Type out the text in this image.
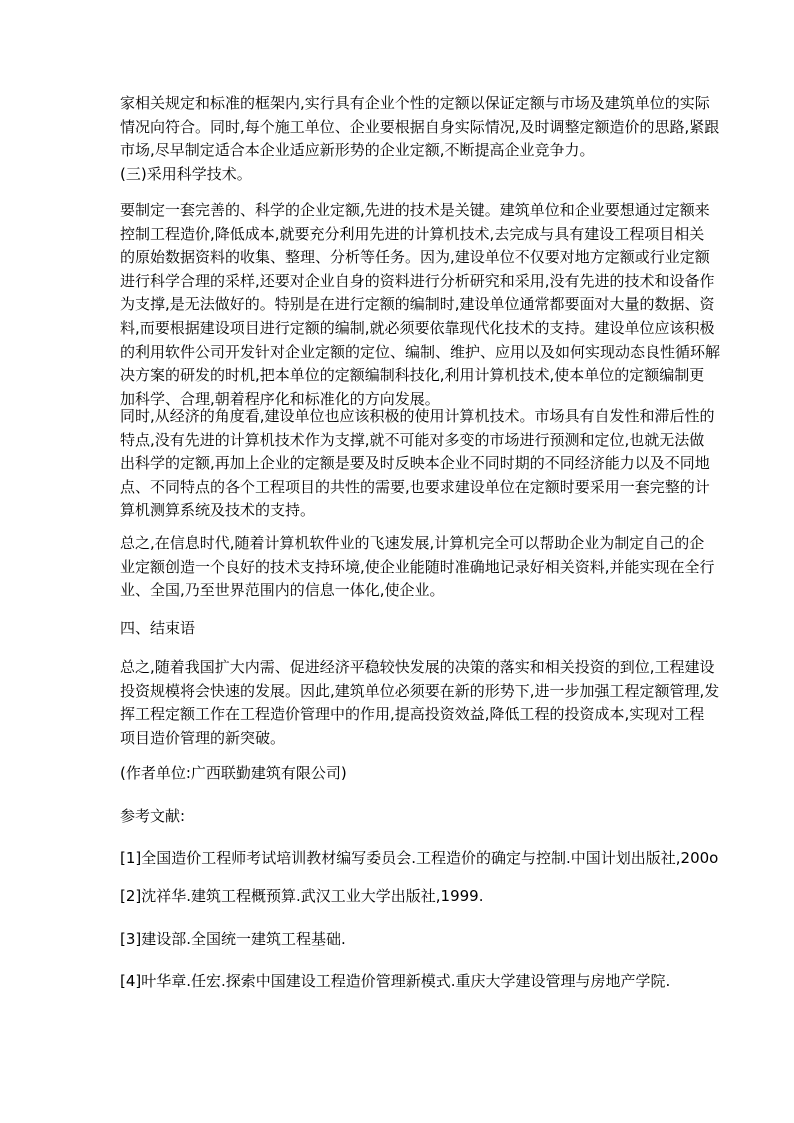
家相关规定和标准的框架内,实行具有企业个性的定额以保证定额与市场及建筑单位的实际
情况向符合。同时,每个施工单位、企业要根据自身实际情况,及时调整定额造价的思路,紧跟
市场,尽早制定适合本企业适应新形势的企业定额,不断提高企业竞争力。
(三)采用科学技术。
要制定一套完善的、科学的企业定额,先进的技术是关键。建筑单位和企业要想通过定额来
控制工程造价,降低成本,就要充分利用先进的计算机技术,去完成与具有建设工程项目相关
的原始数据资料的收集、整理、分析等任务。因为,建设单位不仅要对地方定额或行业定额
进行科学合理的采样,还要对企业自身的资料进行分析研究和采用,没有先进的技术和设备作
为支撑,是无法做好的。特别是在进行定额的编制时,建设单位通常都要面对大量的数据、资
料,而要根据建设项目进行定额的编制,就必须要依靠现代化技术的支持。建设单位应该积极
的利用软件公司开发针对企业定额的定位、编制、维护、应用以及如何实现动态良性循环解
决方案的研发的时机,把本单位的定额编制科技化,利用计算机技术,使本单位的定额编制更
加科学、合理,朝着程序化和标准化的方向发展。
同时,从经济的角度看,建设单位也应该积极的使用计算机技术。市场具有自发性和滞后性的
特点,没有先进的计算机技术作为支撑,就不可能对多变的市场进行预测和定位,也就无法做
出科学的定额,再加上企业的定额是要及时反映本企业不同时期的不同经济能力以及不同地
点、不同特点的各个工程项目的共性的需要,也要求建设单位在定额时要采用一套完整的计
算机测算系统及技术的支持。
总之,在信息时代,随着计算机软件业的飞速发展,计算机完全可以帮助企业为制定自己的企
业定额创造一个良好的技术支持环境,使企业能随时准确地记录好相关资料,并能实现在全行
业、全国,乃至世界范围内的信息一体化,使企业。
四、结束语
总之,随着我国扩大内需、促进经济平稳较快发展的决策的落实和相关投资的到位,工程建设
投资规模将会快速的发展。因此,建筑单位必须要在新的形势下,进一步加强工程定额管理,发
挥工程定额工作在工程造价管理中的作用,提高投资效益,降低工程的投资成本,实现对工程
项目造价管理的新突破。
(作者单位:广西联勤建筑有限公司)
参考文献:
[1]全国造价工程师考试培训教材编写委员会.工程造价的确定与控制.中国计划出版社,200o
[2]沈祥华.建筑工程概预算.武汉工业大学出版社,1999.
[3]建设部.全国统一建筑工程基础.
[4]叶华章.任宏.探索中国建设工程造价管理新模式.重庆大学建设管理与房地产学院.
